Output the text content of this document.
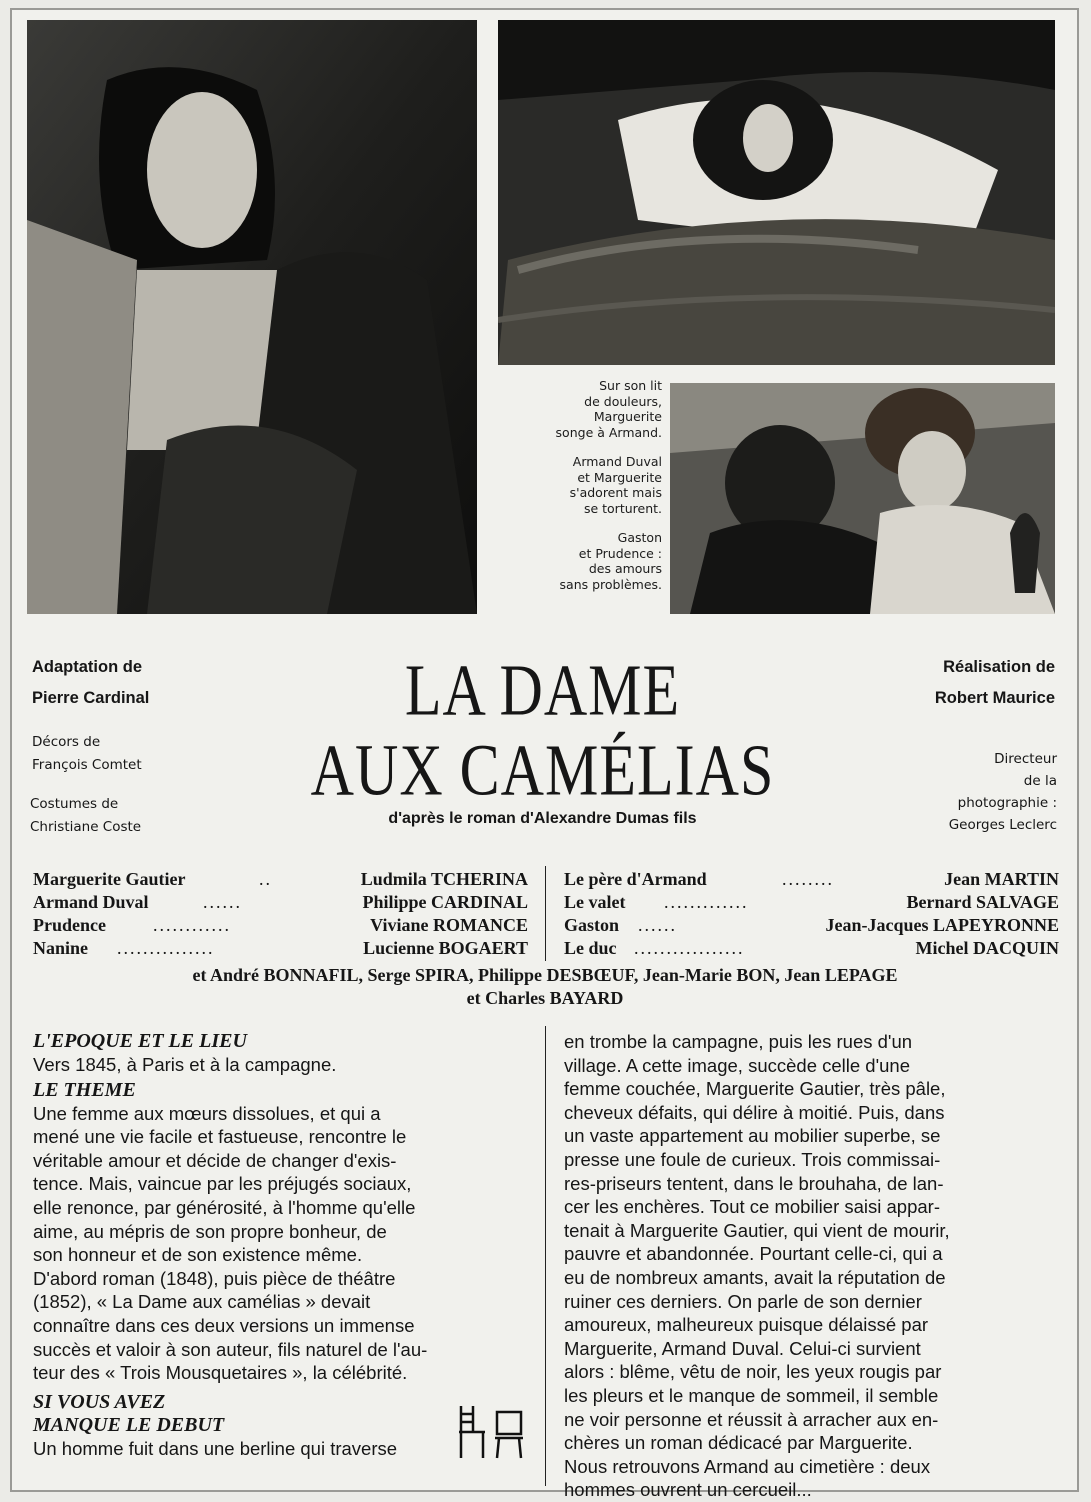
Sur son lit
de douleurs,
Marguerite
songe à Armand.

Armand Duval
et Marguerite
s'adorent mais
se torturent.

Gaston
et Prudence :
des amours
sans problèmes.

Adaptation de
Pierre Cardinal
Réalisation de
Robert Maurice
Décors de
François Comtet
Costumes de
Christiane Coste
Directeur
de la
photographie :
Georges Leclerc
LA DAME
AUX CAMÉLIAS
d'après le roman d'Alexandre Dumas fils
Marguerite Gautier	..	Ludmila TCHERINA
Armand Duval	......	Philippe CARDINAL
Prudence	............	Viviane ROMANCE
Nanine ...............	Lucienne BOGAERT
Le père d'Armand	........	Jean MARTIN
Le valet .............	Bernard SALVAGE
Gaston ......	Jean-Jacques LAPEYRONNE
Le duc .................	Michel DACQUIN
et André BONNAFIL, Serge SPIRA, Philippe DESBŒUF, Jean-Marie BON, Jean LEPAGE
et Charles BAYARD
L'EPOQUE ET LE LIEU
Vers 1845, à Paris et à la campagne.
LE THEME
Une femme aux mœurs dissolues, et qui a
mené une vie facile et fastueuse, rencontre le
véritable amour et décide de changer d'exis-
tence. Mais, vaincue par les préjugés sociaux,
elle renonce, par générosité, à l'homme qu'elle
aime, au mépris de son propre bonheur, de
son honneur et de son existence même.
D'abord roman (1848), puis pièce de théâtre
(1852), « La Dame aux camélias » devait
connaître dans ces deux versions un immense
succès et valoir à son auteur, fils naturel de l'au-
teur des « Trois Mousquetaires », la célébrité.
SI VOUS AVEZ
MANQUE LE DEBUT
Un homme fuit dans une berline qui traverse
en trombe la campagne, puis les rues d'un
village. A cette image, succède celle d'une
femme couchée, Marguerite Gautier, très pâle,
cheveux défaits, qui délire à moitié. Puis, dans
un vaste appartement au mobilier superbe, se
presse une foule de curieux. Trois commissai-
res-priseurs tentent, dans le brouhaha, de lan-
cer les enchères. Tout ce mobilier saisi appar-
tenait à Marguerite Gautier, qui vient de mourir,
pauvre et abandonnée. Pourtant celle-ci, qui a
eu de nombreux amants, avait la réputation de
ruiner ces derniers. On parle de son dernier
amoureux, malheureux puisque délaissé par
Marguerite, Armand Duval. Celui-ci survient
alors : blême, vêtu de noir, les yeux rougis par
les pleurs et le manque de sommeil, il semble
ne voir personne et réussit à arracher aux en-
chères un roman dédicacé par Marguerite.
Nous retrouvons Armand au cimetière : deux
hommes ouvrent un cercueil...
